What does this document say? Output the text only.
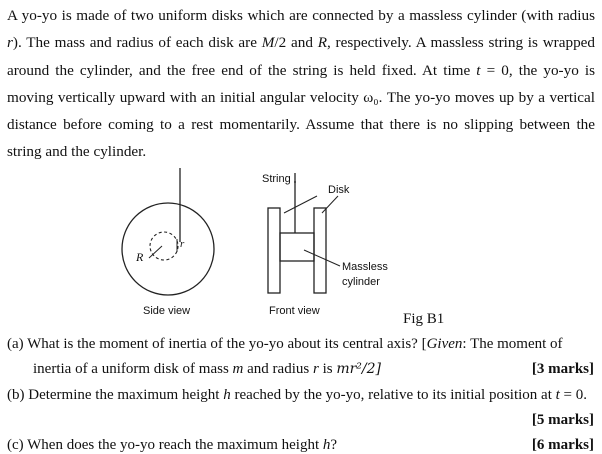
A yo-yo is made of two uniform disks which are connected by a massless cylinder (with radius r). The mass and radius of each disk are M/2 and R, respectively. A massless string is wrapped around the cylinder, and the free end of the string is held fixed. At time t = 0, the yo-yo is moving vertically upward with an initial angular velocity ω₀. The yo-yo moves up by a vertical distance before coming to a rest momentarily. Assume that there is no slipping between the string and the cylinder.
R
r
String
Disk
Massless
cylinder
Side view	Front view	Fig B1
(a) What is the moment of inertia of the yo-yo about its central axis? [Given: The moment of
inertia of a uniform disk of mass m and radius r is mr²/2]	[3 marks]
(b) Determine the maximum height h reached by the yo-yo, relative to its initial position at t = 0.
[5 marks]
(c) When does the yo-yo reach the maximum height h?	[6 marks]
